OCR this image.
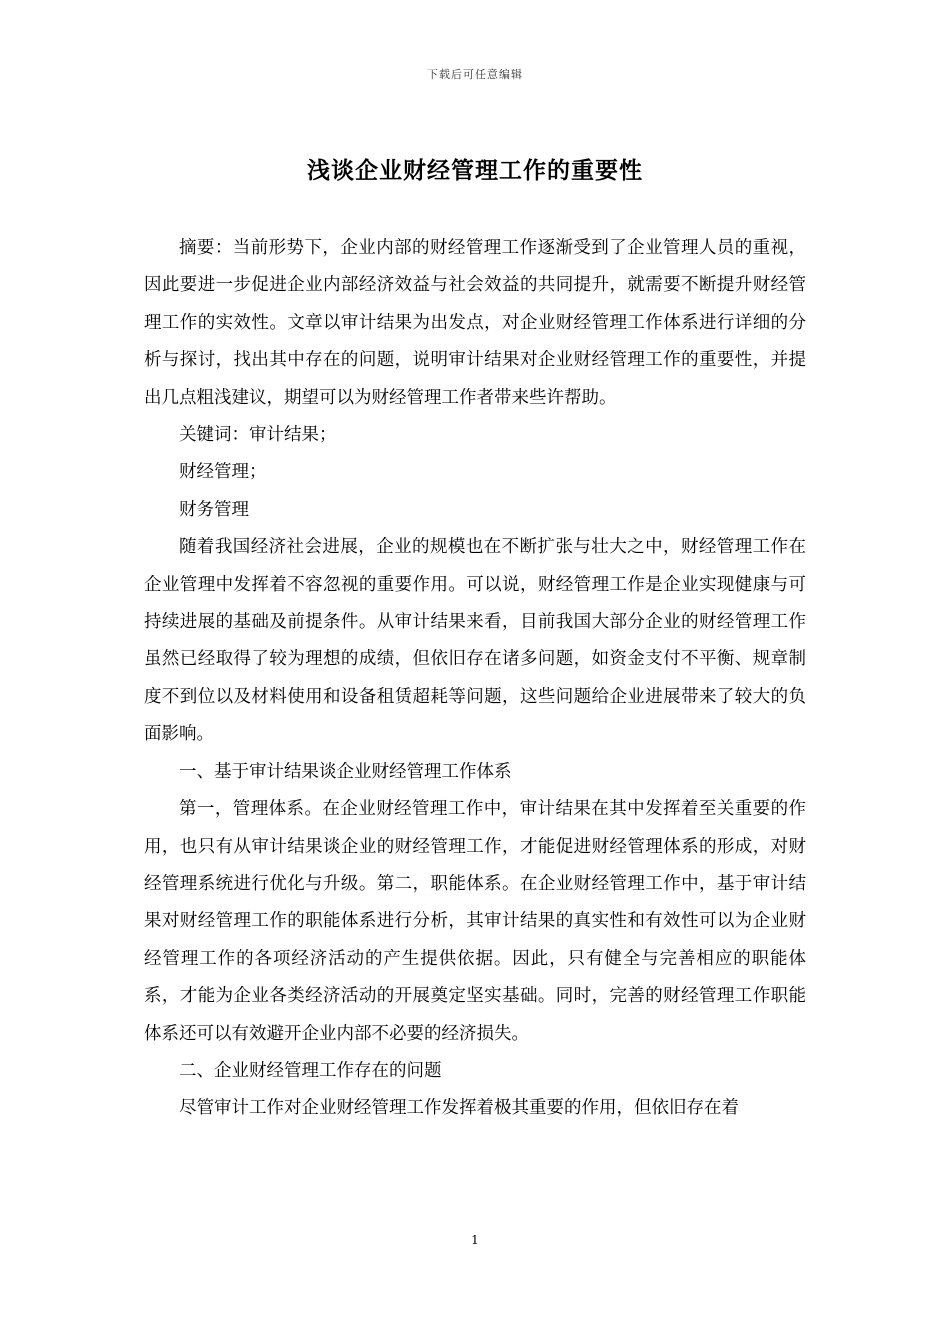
下载后可任意编辑
浅谈企业财经管理工作的重要性

摘要：当前形势下，企业内部的财经管理工作逐渐受到了企业管理人员的重视，因此要进一步促进企业内部经济效益与社会效益的共同提升，就需要不断提升财经管理工作的实效性。文章以审计结果为出发点，对企业财经管理工作体系进行详细的分析与探讨，找出其中存在的问题，说明审计结果对企业财经管理工作的重要性，并提出几点粗浅建议，期望可以为财经管理工作者带来些许帮助。

关键词：审计结果；

财经管理；

财务管理

随着我国经济社会进展，企业的规模也在不断扩张与壮大之中，财经管理工作在企业管理中发挥着不容忽视的重要作用。可以说，财经管理工作是企业实现健康与可持续进展的基础及前提条件。从审计结果来看，目前我国大部分企业的财经管理工作虽然已经取得了较为理想的成绩，但依旧存在诸多问题，如资金支付不平衡、规章制度不到位以及材料使用和设备租赁超耗等问题，这些问题给企业进展带来了较大的负面影响。

一、基于审计结果谈企业财经管理工作体系

第一，管理体系。在企业财经管理工作中，审计结果在其中发挥着至关重要的作用，也只有从审计结果谈企业的财经管理工作，才能促进财经管理体系的形成，对财经管理系统进行优化与升级。第二，职能体系。在企业财经管理工作中，基于审计结果对财经管理工作的职能体系进行分析，其审计结果的真实性和有效性可以为企业财经管理工作的各项经济活动的产生提供依据。因此，只有健全与完善相应的职能体系，才能为企业各类经济活动的开展奠定坚实基础。同时，完善的财经管理工作职能体系还可以有效避开企业内部不必要的经济损失。

二、企业财经管理工作存在的问题

尽管审计工作对企业财经管理工作发挥着极其重要的作用，但依旧存在着

1
